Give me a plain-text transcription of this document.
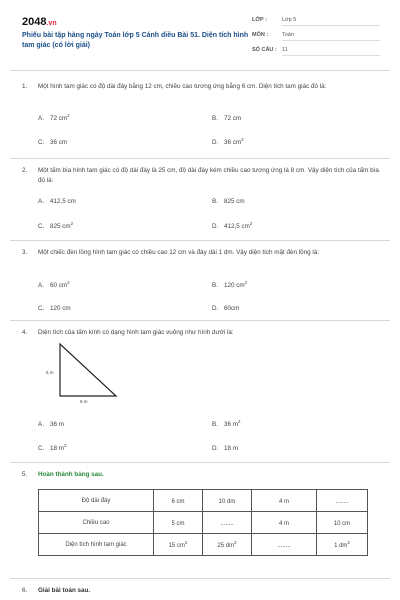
2048.vn
Phiếu bài tập hàng ngày Toán lớp 5 Cánh diều Bài 51. Diện tích hình tam giác (có lời giải)
LỚP :	Lớp 5
MÔN :	Toán
SỐ CÂU : 11
1. Một hình tam giác có độ dài đáy bằng 12 cm, chiều cao tương ứng bằng 6 cm. Diện tích tam giác đó là:
A. 72 $cm^2$	B. 72 cm
C. 36 cm	D. 36 $cm^2$
2. Một tấm bìa hình tam giác có độ dài đáy là 25 cm, độ dài đáy kém chiều cao tương ứng là 8 cm. Vậy diện tích của tấm bìa đó là:
A. 412,5 cm	B. 825 cm
C. 825 $cm^2$	D. 412,5 $cm^2$
3. Một chiếc đèn lồng hình tam giác có chiều cao 12 cm và đáy dài 1 dm. Vậy diện tích mặt đèn lồng là:
A. 60 $cm^2$	B. 120 $cm^2$
C. 120 cm	D. 60cm
4. Diện tích của tấm kính có dạng hình tam giác vuông như hình dưới là:
6 m
6 m
A. 36 m	B. 36 $m^2$
C. 18 $m^2$	D. 18 m
5. Hoàn thành bảng sau.
Độ dài đáy	6 cm	10 dm	4 m	........
Chiều cao	5 cm	........	4 m	10 cm
Diện tích hình tam giác	15 $cm^2$	25 $dm^2$	........	1 $dm^2$
6. Giải bài toán sau.
